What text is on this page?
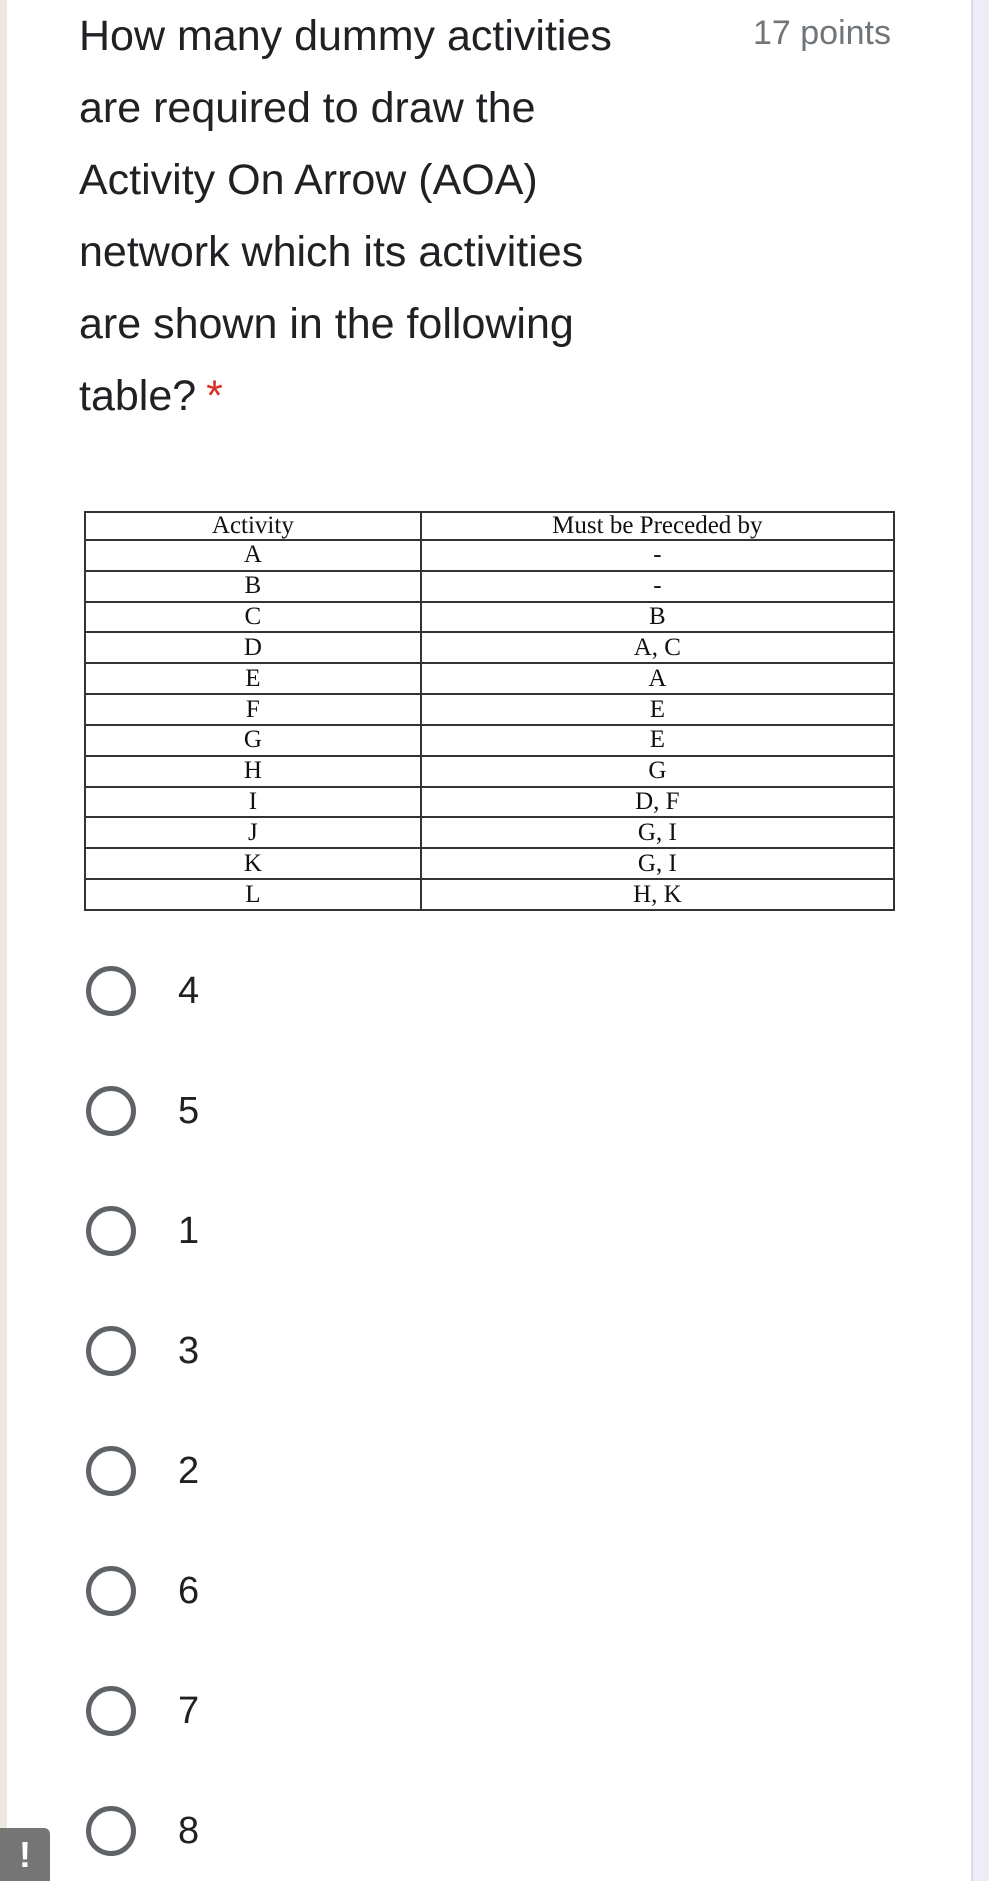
How many dummy activities
are required to draw the
Activity On Arrow (AOA)
network which its activities
are shown in the following
table? *
17 points
Activity	Must be Preceded by
A	-
B	-
C	B
D	A, C
E	A
F	E
G	E
H	G
I	D, F
J	G, I
K	G, I
L	H, K
4
5
1
3
2
6
7
8
!
